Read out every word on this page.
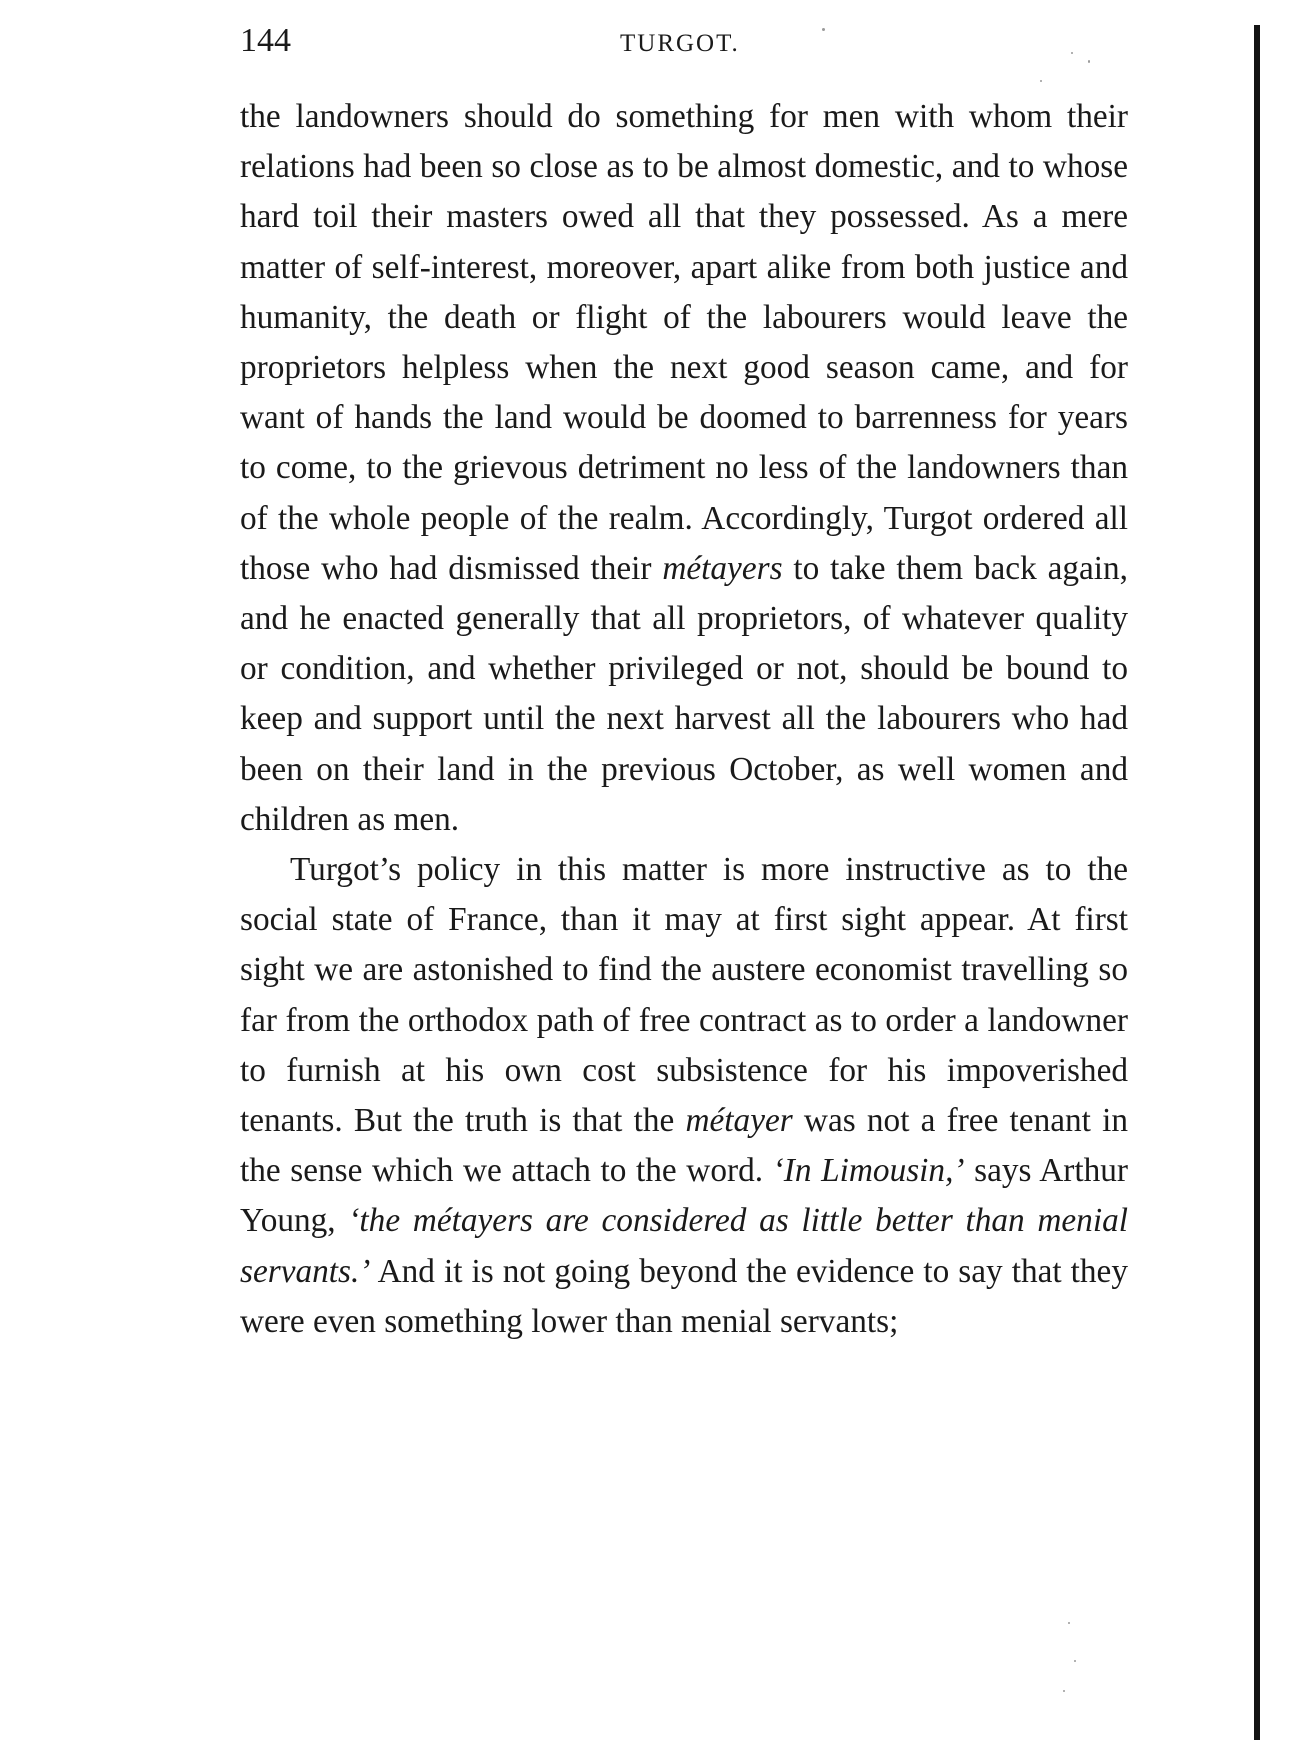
144	TURGOT.

the landowners should do something for men with whom their relations had been so close as to be almost domestic, and to whose hard toil their masters owed all that they possessed. As a mere matter of self-interest, moreover, apart alike from both justice and humanity, the death or flight of the labourers would leave the proprietors helpless when the next good season came, and for want of hands the land would be doomed to barrenness for years to come, to the grievous detriment no less of the landowners than of the whole people of the realm. Accordingly, Turgot ordered all those who had dismissed their métayers to take them back again, and he enacted generally that all proprietors, of whatever quality or condition, and whether privileged or not, should be bound to keep and support until the next harvest all the labourers who had been on their land in the previous October, as well women and children as men.

Turgot’s policy in this matter is more instructive as to the social state of France, than it may at first sight appear. At first sight we are astonished to find the austere economist travelling so far from the orthodox path of free contract as to order a landowner to furnish at his own cost subsistence for his impoverished tenants. But the truth is that the métayer was not a free tenant in the sense which we attach to the word. ‘In Limousin,’ says Arthur Young, ‘the métayers are considered as little better than menial servants.’ And it is not going beyond the evidence to say that they were even something lower than menial servants;
